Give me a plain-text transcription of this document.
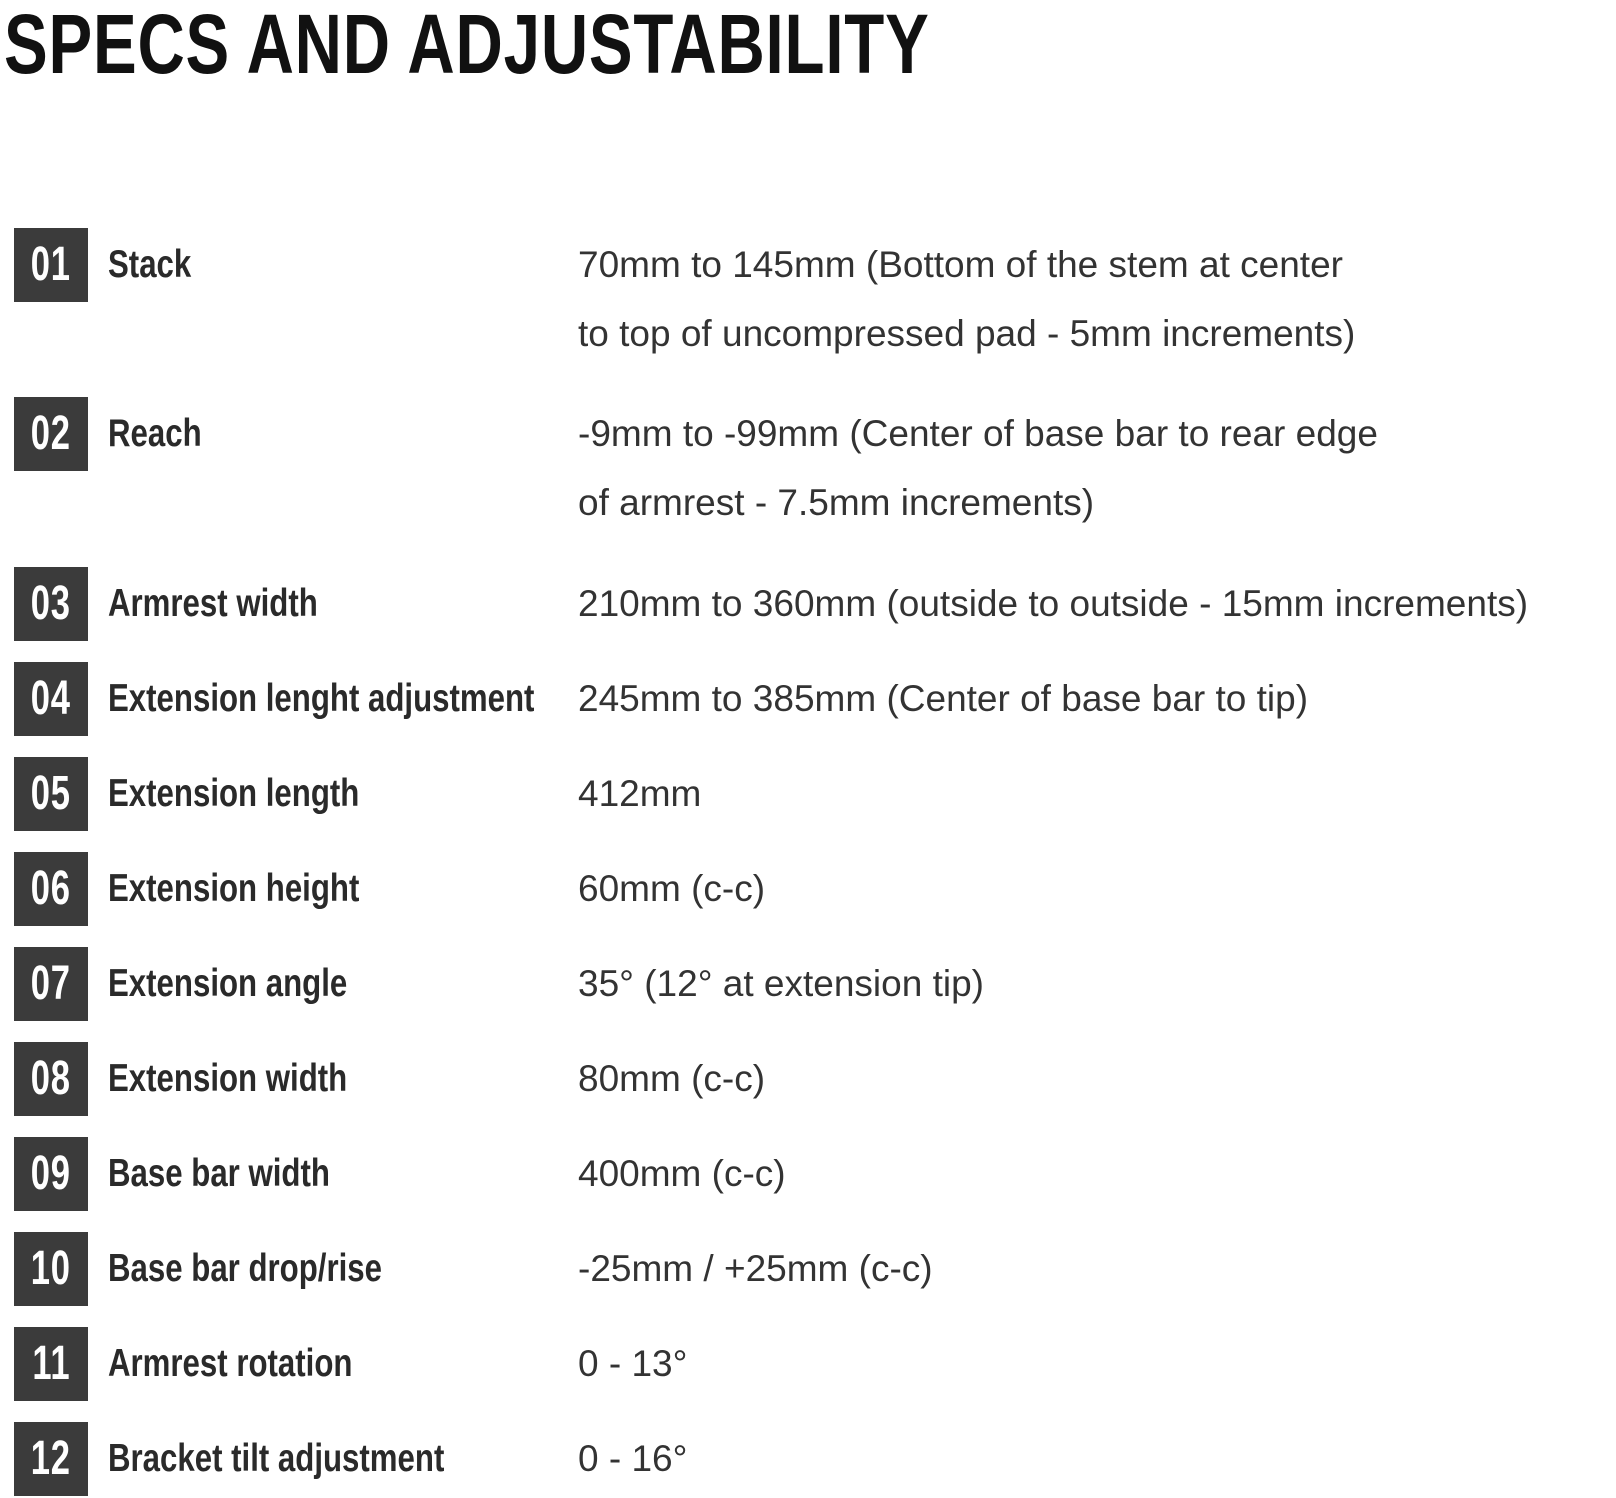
SPECS AND ADJUSTABILITY
01 Stack	70mm to 145mm (Bottom of the stem at center
to top of uncompressed pad - 5mm increments)
02 Reach	-9mm to -99mm (Center of base bar to rear edge
of armrest - 7.5mm increments)
03 Armrest width	210mm to 360mm (outside to outside - 15mm increments)
04 Extension lenght adjustment 245mm to 385mm (Center of base bar to tip)
05 Extension length	412mm
06 Extension height	60mm (c-c)
07 Extension angle	35° (12° at extension tip)
08 Extension width	80mm (c-c)
09 Base bar width	400mm (c-c)
10 Base bar drop/rise	-25mm / +25mm (c-c)
11 Armrest rotation	0 - 13°
12 Bracket tilt adjustment	0 - 16°
